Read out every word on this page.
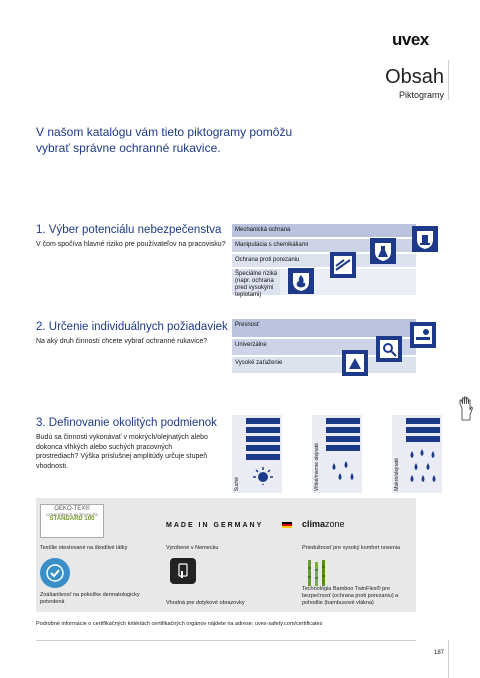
uvex
Obsah
Piktogramy
V našom katalógu vám tieto piktogramy pomôžu vybrať správne ochranné rukavice.
1. Výber potenciálu nebezpečenstva
V čom spočíva hlavné riziko pre používateľov na pracovisku?
Mechanická ochrana
Manipulácia s chemikáliami
Ochrana proti porezaniu
Špeciálne riziká (napr. ochrana pred vysokými teplotami)
2. Určenie individuálnych požiadaviek
Na aký druh činností chcete vybrať ochranné rukavice?
Presnosť
Univerzálne
Vysoké zaťaženie
3. Definovanie okolitých podmienok
Budú sa činnosti vykonávať v mokrých/olejnatých alebo dokonca vlhkých alebo suchých pracovných prostrediach? Výška príslušnej amplitúdy určuje stupeň vhodnosti.
Suché	Vlhké/mierne olejnaté	Mokré/olejnaté
OEKO-TEX®
CONFIDENCE IN TEXTILES
STANDARD 100
Textílie otestované na škodlivé látky
MADE IN GERMANY
Vyrobené v Nemecku
climazone
Priedušnosť pre vysoký komfort nosenia
Znášanlivosť na pokožke dermatologicky potvrdená	Vhodná pre dotykové obrazovky
Technológia Bamboo TwinFlex® pre bezpečnosť (ochrana proti porezaniu) a pohodlie (bambusové vlákna)
Podrobné informácie o certifikačných kritériách certifikačných orgánov nájdete na adrese: uvex-safety.com/certificates
187
